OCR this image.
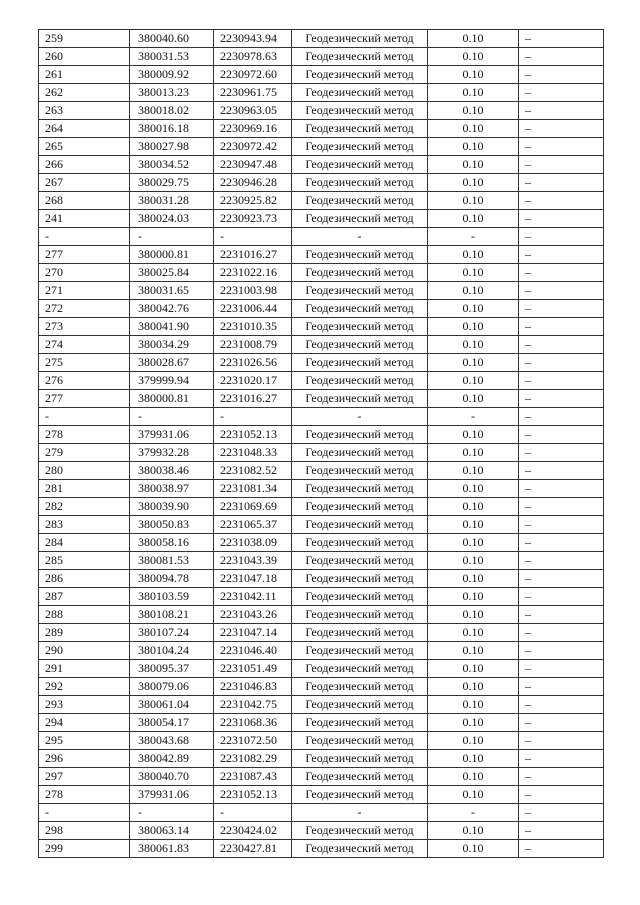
259	380040.60	2230943.94	Геодезический метод	0.10	–
260	380031.53	2230978.63	Геодезический метод	0.10	–
261	380009.92	2230972.60	Геодезический метод	0.10	–
262	380013.23	2230961.75	Геодезический метод	0.10	–
263	380018.02	2230963.05	Геодезический метод	0.10	–
264	380016.18	2230969.16	Геодезический метод	0.10	–
265	380027.98	2230972.42	Геодезический метод	0.10	–
266	380034.52	2230947.48	Геодезический метод	0.10	–
267	380029.75	2230946.28	Геодезический метод	0.10	–
268	380031.28	2230925.82	Геодезический метод	0.10	–
241	380024.03	2230923.73	Геодезический метод	0.10	–
-	-	-	-	-	–
277	380000.81	2231016.27	Геодезический метод	0.10	–
270	380025.84	2231022.16	Геодезический метод	0.10	–
271	380031.65	2231003.98	Геодезический метод	0.10	–
272	380042.76	2231006.44	Геодезический метод	0.10	–
273	380041.90	2231010.35	Геодезический метод	0.10	–
274	380034.29	2231008.79	Геодезический метод	0.10	–
275	380028.67	2231026.56	Геодезический метод	0.10	–
276	379999.94	2231020.17	Геодезический метод	0.10	–
277	380000.81	2231016.27	Геодезический метод	0.10	–
-	-	-	-	-	–
278	379931.06	2231052.13	Геодезический метод	0.10	–
279	379932.28	2231048.33	Геодезический метод	0.10	–
280	380038.46	2231082.52	Геодезический метод	0.10	–
281	380038.97	2231081.34	Геодезический метод	0.10	–
282	380039.90	2231069.69	Геодезический метод	0.10	–
283	380050.83	2231065.37	Геодезический метод	0.10	–
284	380058.16	2231038.09	Геодезический метод	0.10	–
285	380081.53	2231043.39	Геодезический метод	0.10	–
286	380094.78	2231047.18	Геодезический метод	0.10	–
287	380103.59	2231042.11	Геодезический метод	0.10	–
288	380108.21	2231043.26	Геодезический метод	0.10	–
289	380107.24	2231047.14	Геодезический метод	0.10	–
290	380104.24	2231046.40	Геодезический метод	0.10	–
291	380095.37	2231051.49	Геодезический метод	0.10	–
292	380079.06	2231046.83	Геодезический метод	0.10	–
293	380061.04	2231042.75	Геодезический метод	0.10	–
294	380054.17	2231068.36	Геодезический метод	0.10	–
295	380043.68	2231072.50	Геодезический метод	0.10	–
296	380042.89	2231082.29	Геодезический метод	0.10	–
297	380040.70	2231087.43	Геодезический метод	0.10	–
278	379931.06	2231052.13	Геодезический метод	0.10	–
-	-	-	-	-	–
298	380063.14	2230424.02	Геодезический метод	0.10	–
299	380061.83	2230427.81	Геодезический метод	0.10	–
